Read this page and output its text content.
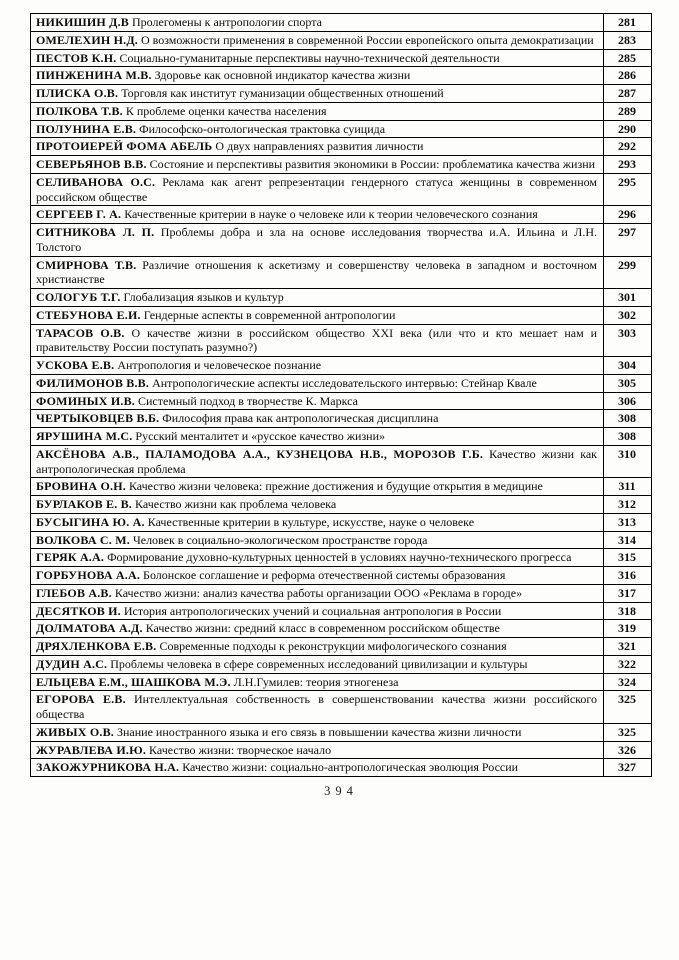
НИКИШИН Д.В Пролегомены к антропологии спорта	281
ОМЕЛЕХИН Н.Д. О возможности применения в современной России европейского опыта демократизации	283
ПЕСТОВ К.Н. Социально-гуманитарные перспективы научно-технической деятельности	285
ПИНЖЕНИНА М.В. Здоровье как основной индикатор качества жизни	286
ПЛИСКА О.В. Торговля как институт гуманизации общественных отношений	287
ПОЛКОВА Т.В. К проблеме оценки качества населения	289
ПОЛУНИНА Е.В. Философско-онтологическая трактовка суицида	290
ПРОТОИЕРЕЙ ФОМА АБЕЛЬ О двух направлениях развития личности	292
СЕВЕРЬЯНОВ В.В. Состояние и перспективы развития экономики в России: проблематика качества жизни	293
СЕЛИВАНОВА О.С. Реклама как агент репрезентации гендерного статуса женщины в современном российском обществе	295
СЕРГЕЕВ Г. А. Качественные критерии в науке о человеке или к теории человеческого сознания	296
СИТНИКОВА Л. П. Проблемы добра и зла на основе исследования творчества и.А. Ильина и Л.Н. Толстого	297
СМИРНОВА Т.В. Различие отношения к аскетизму и совершенству человека в западном и восточном христианстве	299
СОЛОГУБ Т.Г. Глобализация языков и культур	301
СТЕБУНОВА Е.И. Гендерные аспекты в современной антропологии	302
ТАРАСОВ О.В. О качестве жизни в российском общество XXI века (или что и кто мешает нам и правительству России поступать разумно?)	303
УСКОВА Е.В. Антропология и человеческое познание	304
ФИЛИМОНОВ В.В. Антропологические аспекты исследовательского интервью: Стейнар Квале	305
ФОМИНЫХ И.В. Системный подход в творчестве К. Маркса	306
ЧЕРТЫКОВЦЕВ В.Б. Философия права как антропологическая дисциплина	308
ЯРУШИНА М.С. Русский менталитет и «русское качество жизни»	308
АКСЁНОВА А.В., ПАЛАМОДОВА А.А., КУЗНЕЦОВА Н.В., МОРОЗОВ Г.Б. Качество жизни как антропологическая проблема	310
БРОВИНА О.Н. Качество жизни человека: прежние достижения и будущие открытия в медицине	311
БУРЛАКОВ Е. В. Качество жизни как проблема человека	312
БУСЫГИНА Ю. А. Качественные критерии в культуре, искусстве, науке о человеке	313
ВОЛКОВА С. М. Человек в социально-экологическом пространстве города	314
ГЕРЯК А.А. Формирование духовно-культурных ценностей в условиях научно-технического прогресса	315
ГОРБУНОВА А.А. Болонское соглашение и реформа отечественной системы образования	316
ГЛЕБОВ А.В. Качество жизни: анализ качества работы организации ООО «Реклама в городе»	317
ДЕСЯТКОВ И. История антропологических учений и социальная антропология в России	318
ДОЛМАТОВА А.Д. Качество жизни: средний класс в современном российском обществе	319
ДРЯХЛЕНКОВА Е.В. Современные подходы к реконструкции мифологического сознания	321
ДУДИН А.С. Проблемы человека в сфере современных исследований цивилизации и культуры	322
ЕЛЬЦЕВА Е.М., ШАШКОВА М.Э. Л.Н.Гумилев: теория этногенеза	324
ЕГОРОВА Е.В. Интеллектуальная собственность в совершенствовании качества жизни российского общества	325
ЖИВЫХ О.В. Знание иностранного языка и его связь в повышении качества жизни личности	325
ЖУРАВЛЕВА И.Ю. Качество жизни: творческое начало	326
ЗАКОЖУРНИКОВА Н.А. Качество жизни: социально-антропологическая эволюция России	327
394
